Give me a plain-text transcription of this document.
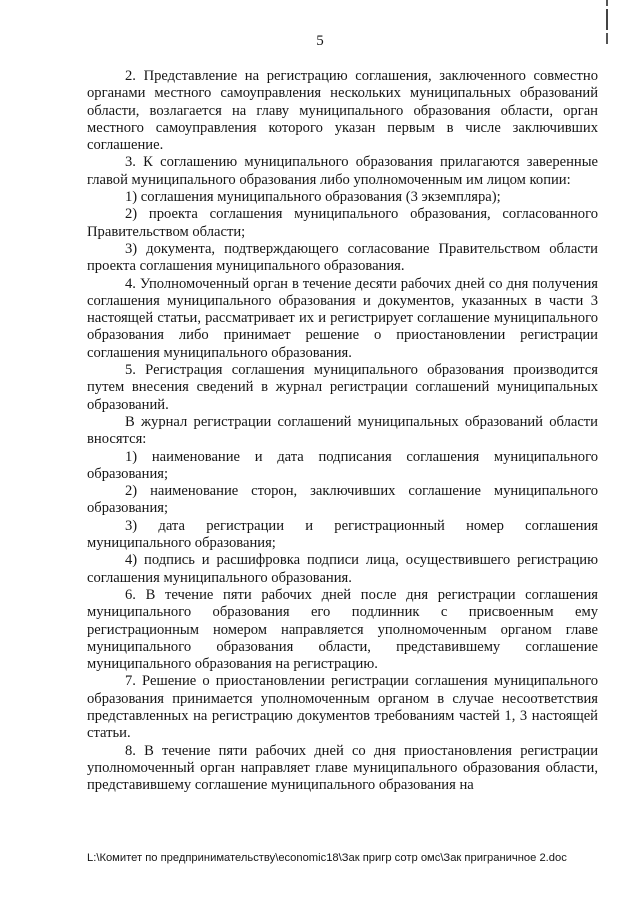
5

2. Представление на регистрацию соглашения, заключенного совместно органами местного самоуправления нескольких муниципальных образований области, возлагается на главу муниципального образования области, орган местного самоуправления которого указан первым в числе заключивших соглашение.

3. К соглашению муниципального образования прилагаются заверенные главой муниципального образования либо уполномоченным им лицом копии:

1) соглашения муниципального образования (3 экземпляра);

2) проекта соглашения муниципального образования, согласованного Правительством области;

3) документа, подтверждающего согласование Правительством области проекта соглашения муниципального образования.

4. Уполномоченный орган в течение десяти рабочих дней со дня получения соглашения муниципального образования и документов, указанных в части 3 настоящей статьи, рассматривает их и регистрирует соглашение муниципального образования либо принимает решение о приостановлении регистрации соглашения муниципального образования.

5. Регистрация соглашения муниципального образования производится путем внесения сведений в журнал регистрации соглашений муниципальных образований.

В журнал регистрации соглашений муниципальных образований области вносятся:

1) наименование и дата подписания соглашения муниципального образования;

2) наименование сторон, заключивших соглашение муниципального образования;

3) дата регистрации и регистрационный номер соглашения муниципального образования;

4) подпись и расшифровка подписи лица, осуществившего регистрацию соглашения муниципального образования.

6. В течение пяти рабочих дней после дня регистрации соглашения муниципального образования его подлинник с присвоенным ему регистрационным номером направляется уполномоченным органом главе муниципального образования области, представившему соглашение муниципального образования на регистрацию.

7. Решение о приостановлении регистрации соглашения муниципального образования принимается уполномоченным органом в случае несоответствия представленных на регистрацию документов требованиям частей 1, 3 настоящей статьи.

8. В течение пяти рабочих дней со дня приостановления регистрации уполномоченный орган направляет главе муниципального образования области, представившему соглашение муниципального образования на

L:\Комитет по предпринимательству\economic18\Зак пригр сотр омс\Зак приграничное 2.doc
